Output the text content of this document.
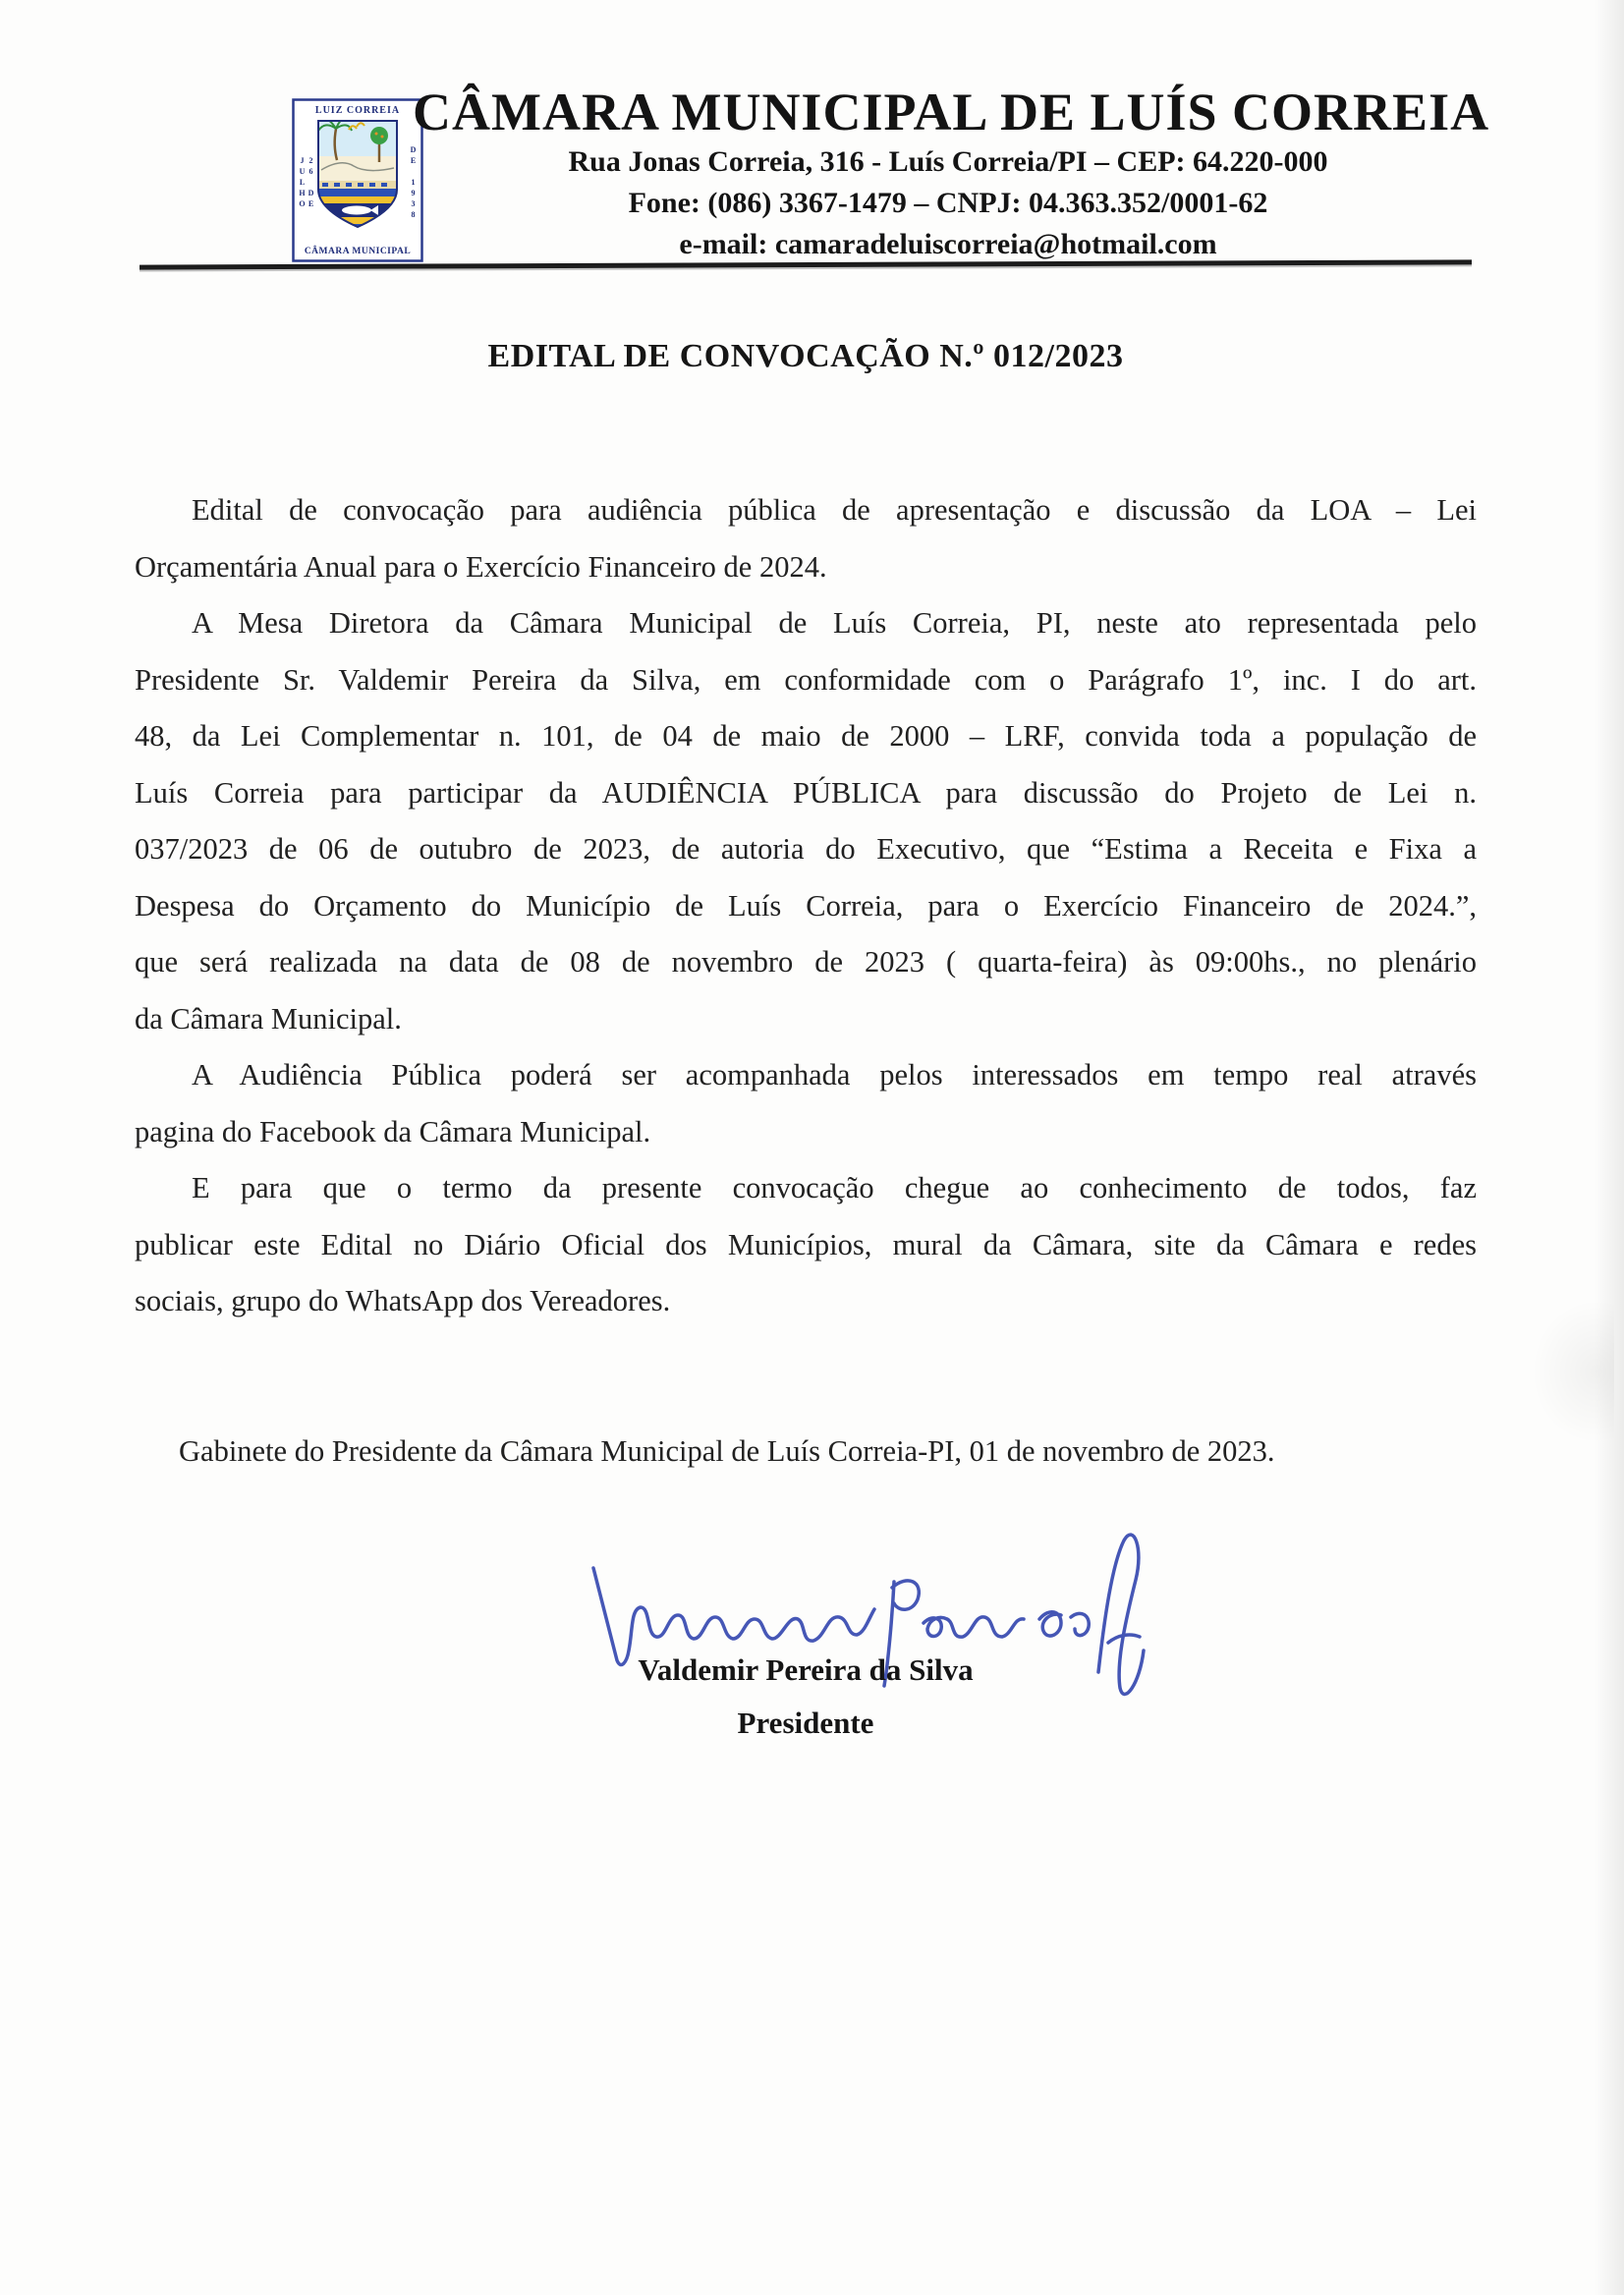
LUIZ CORREIA
26 DE JULHO	DE 1938
CÂMARA MUNICIPAL
CÂMARA MUNICIPAL DE LUÍS CORREIA
Rua Jonas Correia, 316 - Luís Correia/PI – CEP: 64.220-000
Fone: (086) 3367-1479 – CNPJ: 04.363.352/0001-62
e-mail: camaradeluiscorreia@hotmail.com
EDITAL DE CONVOCAÇÃO N.º 012/2023
Edital de convocação para audiência pública de apresentação e discussão da LOA – Lei
Orçamentária Anual para o Exercício Financeiro de 2024.
A Mesa Diretora da Câmara Municipal de Luís Correia, PI, neste ato representada pelo
Presidente Sr. Valdemir Pereira da Silva, em conformidade com o Parágrafo 1º, inc. I do art.
48, da Lei Complementar n. 101, de 04 de maio de 2000 – LRF, convida toda a população de
Luís Correia para participar da AUDIÊNCIA PÚBLICA para discussão do Projeto de Lei n.
037/2023 de 06 de outubro de 2023, de autoria do Executivo, que “Estima a Receita e Fixa a
Despesa do Orçamento do Município de Luís Correia, para o Exercício Financeiro de 2024.”,
que será realizada na data de 08 de novembro de 2023 ( quarta-feira) às 09:00hs., no plenário
da Câmara Municipal.
A Audiência Pública poderá ser acompanhada pelos interessados em tempo real através
pagina do Facebook da Câmara Municipal.
E para que o termo da presente convocação chegue ao conhecimento de todos, faz
publicar este Edital no Diário Oficial dos Municípios, mural da Câmara, site da Câmara e redes
sociais, grupo do WhatsApp dos Vereadores.
Gabinete do Presidente da Câmara Municipal de Luís Correia-PI, 01 de novembro de 2023.
Valdemir Pereira da Silva
Presidente
